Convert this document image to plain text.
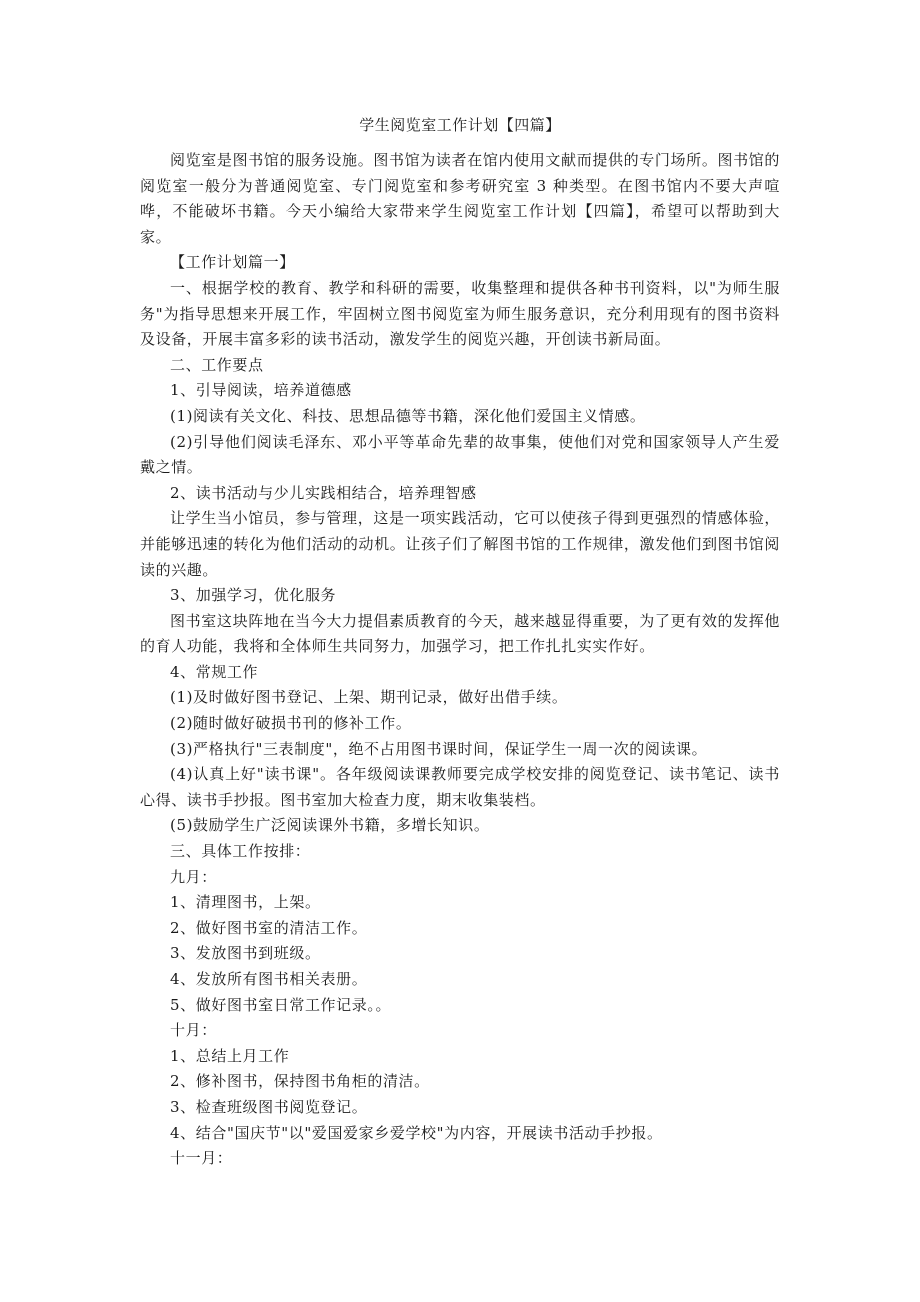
学生阅览室工作计划【四篇】

阅览室是图书馆的服务设施。图书馆为读者在馆内使用文献而提供的专门场所。图书馆的阅览室一般分为普通阅览室、专门阅览室和参考研究室 3 种类型。在图书馆内不要大声喧哗，不能破坏书籍。今天小编给大家带来学生阅览室工作计划【四篇】，希望可以帮助到大家。

【工作计划篇一】

一、根据学校的教育、教学和科研的需要，收集整理和提供各种书刊资料，以"为师生服务"为指导思想来开展工作，牢固树立图书阅览室为师生服务意识，充分利用现有的图书资料及设备，开展丰富多彩的读书活动，激发学生的阅览兴趣，开创读书新局面。

二、工作要点

1、引导阅读，培养道德感

(1)阅读有关文化、科技、思想品德等书籍，深化他们爱国主义情感。

(2)引导他们阅读毛泽东、邓小平等革命先辈的故事集，使他们对党和国家领导人产生爱戴之情。

2、读书活动与少儿实践相结合，培养理智感

让学生当小馆员，参与管理，这是一项实践活动，它可以使孩子得到更强烈的情感体验，并能够迅速的转化为他们活动的动机。让孩子们了解图书馆的工作规律，激发他们到图书馆阅读的兴趣。

3、加强学习，优化服务

图书室这块阵地在当今大力提倡素质教育的今天，越来越显得重要，为了更有效的发挥他的育人功能，我将和全体师生共同努力，加强学习，把工作扎扎实实作好。

4、常规工作

(1)及时做好图书登记、上架、期刊记录，做好出借手续。

(2)随时做好破损书刊的修补工作。

(3)严格执行"三表制度"，绝不占用图书课时间，保证学生一周一次的阅读课。

(4)认真上好"读书课"。各年级阅读课教师要完成学校安排的阅览登记、读书笔记、读书心得、读书手抄报。图书室加大检查力度，期末收集装档。

(5)鼓励学生广泛阅读课外书籍，多增长知识。

三、具体工作按排：

九月：

1、清理图书，上架。

2、做好图书室的清洁工作。

3、发放图书到班级。

4、发放所有图书相关表册。

5、做好图书室日常工作记录。。

十月：

1、总结上月工作

2、修补图书，保持图书角柜的清洁。

3、检查班级图书阅览登记。

4、结合"国庆节"以"爱国爱家乡爱学校"为内容，开展读书活动手抄报。

十一月：
